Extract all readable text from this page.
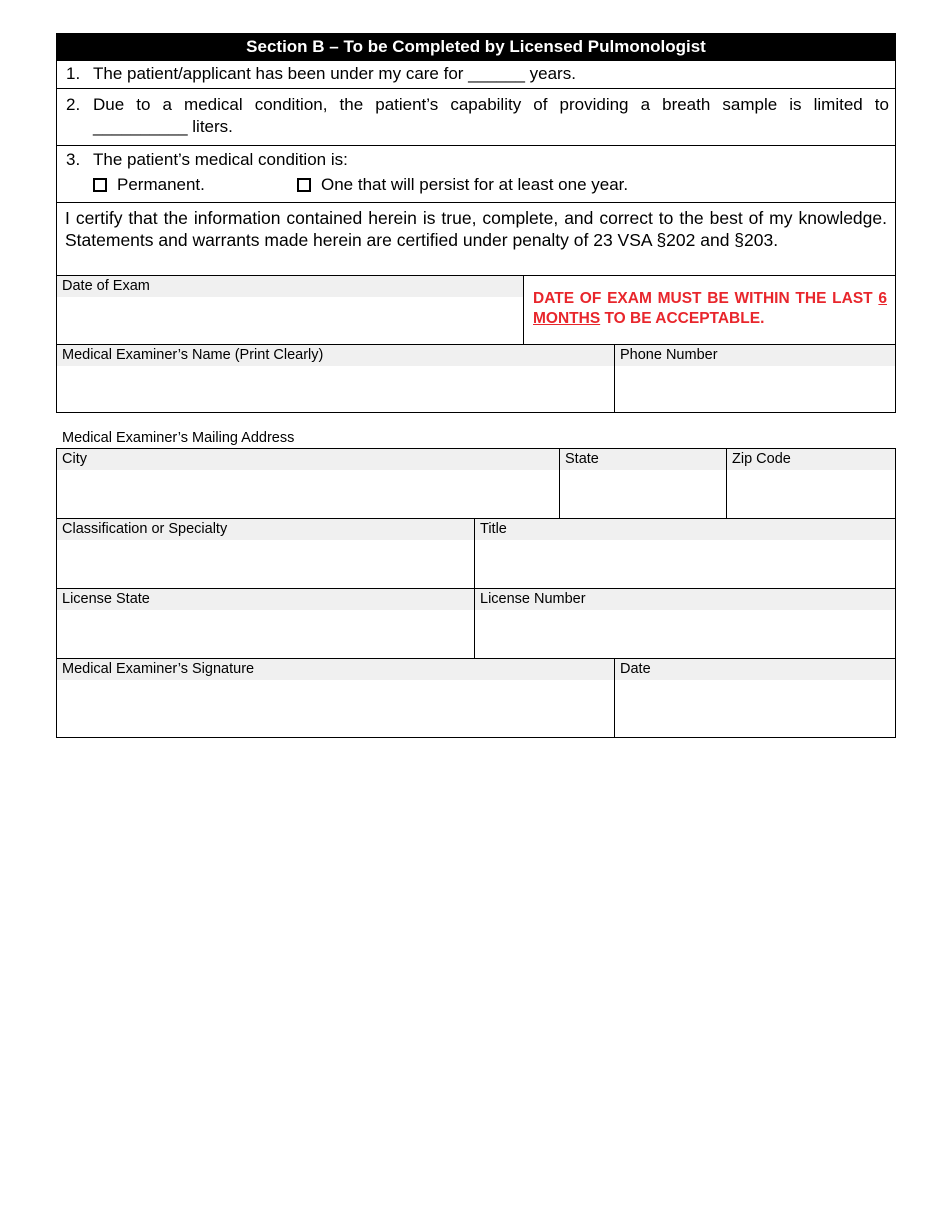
Section B – To be Completed by Licensed Pulmonologist
1. The patient/applicant has been under my care for ______ years.
2. Due to a medical condition, the patient’s capability of providing a breath sample is limited to
__________ liters.
3. The patient’s medical condition is:
Permanent.	One that will persist for at least one year.
I certify that the information contained herein is true, complete, and correct to the best of my knowledge. Statements and warrants made herein are certified under penalty of 23 VSA §202 and §203.
Date of Exam
DATE OF EXAM MUST BE WITHIN THE LAST 6 MONTHS TO BE ACCEPTABLE.
Medical Examiner’s Name (Print Clearly)	Phone Number
Medical Examiner’s Mailing Address
City	State	Zip Code
Classification or Specialty	Title
License State	License Number
Medical Examiner’s Signature	Date
